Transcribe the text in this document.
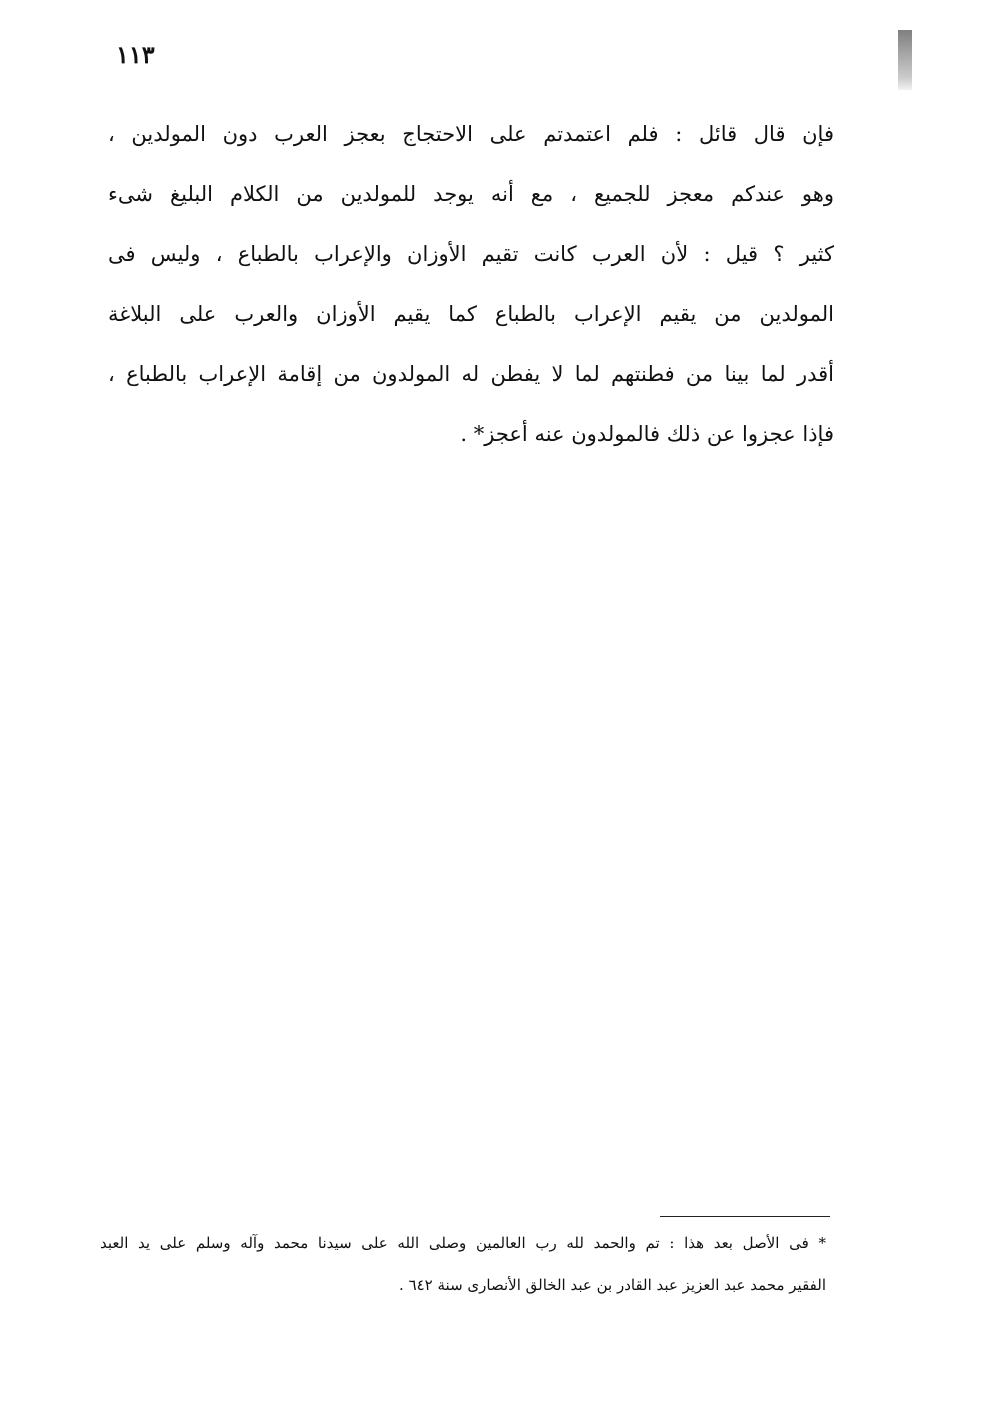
١١٣
فإن قال قائل : فلم اعتمدتم على الاحتجاج بعجز العرب دون المولدين ،
وهو عندكم معجز للجميع ، مع أنه يوجد للمولدين من الكلام البليغ شىء
كثير ؟ قيل : لأن العرب كانت تقيم الأوزان والإعراب بالطباع ، وليس فى
المولدين من يقيم الإعراب بالطباع كما يقيم الأوزان والعرب على البلاغة
أقدر لما بينا من فطنتهم لما لا يفطن له المولدون من إقامة الإعراب بالطباع ،
فإذا عجزوا عن ذلك فالمولدون عنه أعجز* .
* فى الأصل بعد هذا : تم والحمد لله رب العالمين وصلى الله على سيدنا محمد وآله وسلم على يد العبد
الفقير محمد عبد العزيز عبد القادر بن عبد الخالق الأنصارى سنة ٦٤٢ .
